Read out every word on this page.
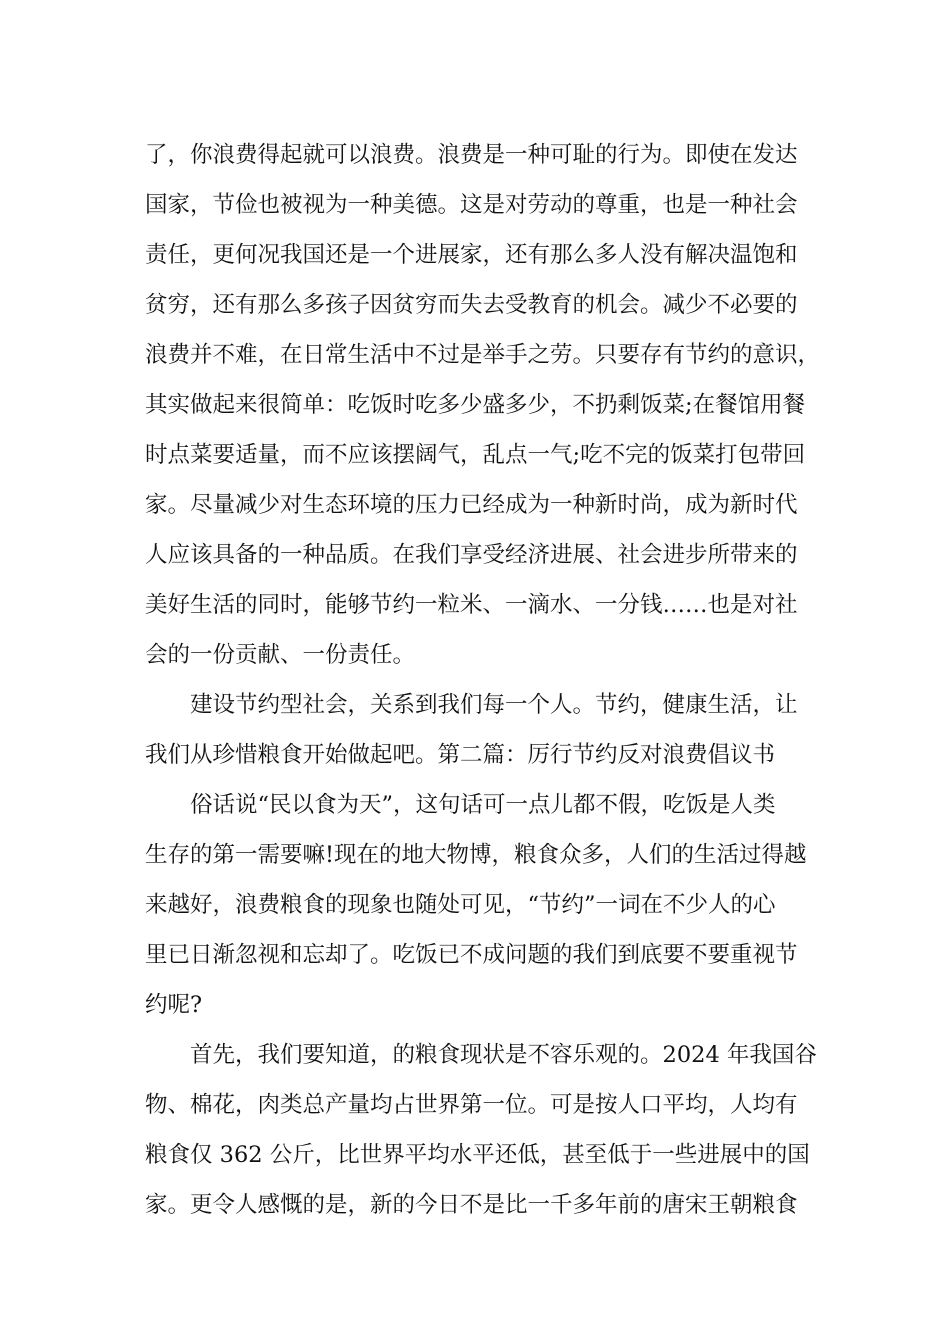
了，你浪费得起就可以浪费。浪费是一种可耻的行为。即使在发达
国家，节俭也被视为一种美德。这是对劳动的尊重，也是一种社会
责任，更何况我国还是一个进展家，还有那么多人没有解决温饱和
贫穷，还有那么多孩子因贫穷而失去受教育的机会。减少不必要的
浪费并不难，在日常生活中不过是举手之劳。只要存有节约的意识，
其实做起来很简单：吃饭时吃多少盛多少，不扔剩饭菜;在餐馆用餐
时点菜要适量，而不应该摆阔气，乱点一气;吃不完的饭菜打包带回
家。尽量减少对生态环境的压力已经成为一种新时尚，成为新时代
人应该具备的一种品质。在我们享受经济进展、社会进步所带来的
美好生活的同时，能够节约一粒米、一滴水、一分钱……也是对社
会的一份贡献、一份责任。
建设节约型社会，关系到我们每一个人。节约，健康生活，让
我们从珍惜粮食开始做起吧。第二篇：厉行节约反对浪费倡议书
俗话说“民以食为天”，这句话可一点儿都不假，吃饭是人类
生存的第一需要嘛!现在的地大物博，粮食众多，人们的生活过得越
来越好，浪费粮食的现象也随处可见，“节约”一词在不少人的心
里已日渐忽视和忘却了。吃饭已不成问题的我们到底要不要重视节
约呢?
首先，我们要知道，的粮食现状是不容乐观的。2024 年我国谷
物、棉花，肉类总产量均占世界第一位。可是按人口平均，人均有
粮食仅 362 公斤，比世界平均水平还低，甚至低于一些进展中的国
家。更令人感慨的是，新的今日不是比一千多年前的唐宋王朝粮食
